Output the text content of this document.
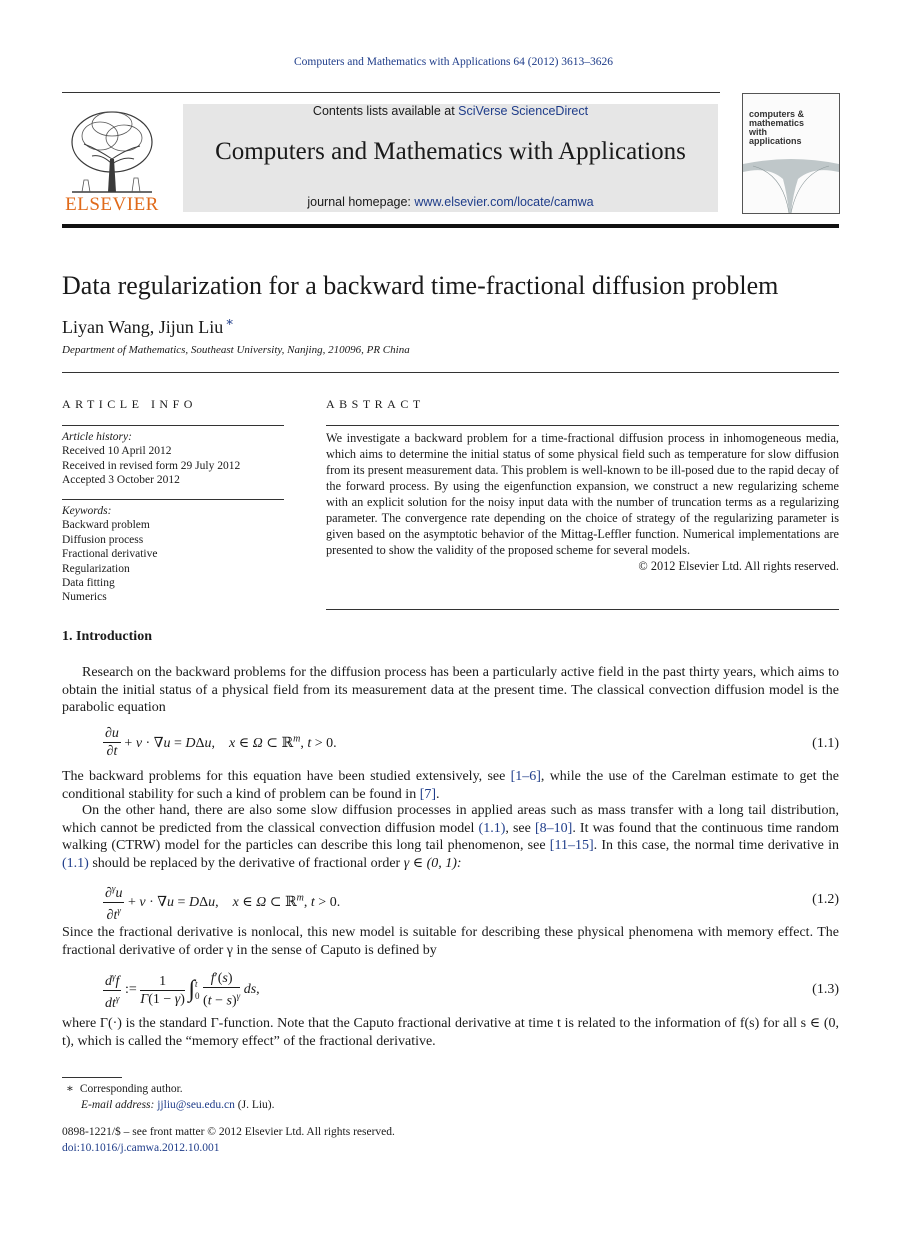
Computers and Mathematics with Applications 64 (2012) 3613–3626
ELSEVIER
Contents lists available at SciVerse ScienceDirect
Computers and Mathematics with Applications
journal homepage: www.elsevier.com/locate/camwa
computers & mathematics with applications
Data regularization for a backward time-fractional diffusion problem
Liyan Wang, Jijun Liu ∗
Department of Mathematics, Southeast University, Nanjing, 210096, PR China
ARTICLE INFO
Article history:
Received 10 April 2012
Received in revised form 29 July 2012
Accepted 3 October 2012
Keywords:
Backward problem
Diffusion process
Fractional derivative
Regularization
Data fitting
Numerics
ABSTRACT
We investigate a backward problem for a time-fractional diffusion process in inhomogeneous media, which aims to determine the initial status of some physical field such as temperature for slow diffusion from its present measurement data. This problem is well-known to be ill-posed due to the rapid decay of the forward process. By using the eigenfunction expansion, we construct a new regularizing scheme with an explicit solution for the noisy input data with the number of truncation terms as a regularizing parameter. The convergence rate depending on the choice of strategy of the regularizing parameter is given based on the asymptotic behavior of the Mittag-Leffler function. Numerical implementations are presented to show the validity of the proposed scheme for several models.
© 2012 Elsevier Ltd. All rights reserved.
1. Introduction
Research on the backward problems for the diffusion process has been a particularly active field in the past thirty years, which aims to obtain the initial status of a physical field from its measurement data at the present time. The classical convection diffusion model is the parabolic equation
$\frac{\partial u}{\partial t} + v \cdot \nabla u = D\Delta u$,    x ∈ Ω ⊂ ℝ$^m$, t > 0.	(1.1)
The backward problems for this equation have been studied extensively, see [1–6], while the use of the Carelman estimate to get the conditional stability for such a kind of problem can be found in [7].
On the other hand, there are also some slow diffusion processes in applied areas such as mass transfer with a long tail distribution, which cannot be predicted from the classical convection diffusion model (1.1), see [8–10]. It was found that the continuous time random walking (CTRW) model for the particles can describe this long tail phenomenon, see [11–15]. In this case, the normal time derivative in (1.1) should be replaced by the derivative of fractional order γ ∈ (0, 1):
$\frac{\partial^\gamma u}{\partial t^\gamma} + v \cdot \nabla u = D\Delta u$,    x ∈ Ω ⊂ ℝ$^m$, t > 0.	(1.2)
Since the fractional derivative is nonlocal, this new model is suitable for describing these physical phenomena with memory effect. The fractional derivative of order γ in the sense of Caputo is defined by
$\frac{d^\gamma f}{dt^\gamma}$ := $\frac{1}{\Gamma(1 - \gamma)} \int t$
$0 \frac{f'(s)}{(t - s)^\gamma}$ ds,	(1.3)
where Γ(·) is the standard Γ-function. Note that the Caputo fractional derivative at time t is related to the information of f(s) for all s ∈ (0, t), which is called the “memory effect” of the fractional derivative.
∗ Corresponding author.
E-mail address: jjliu@seu.edu.cn (J. Liu).
0898-1221/$ – see front matter © 2012 Elsevier Ltd. All rights reserved.
doi:10.1016/j.camwa.2012.10.001
